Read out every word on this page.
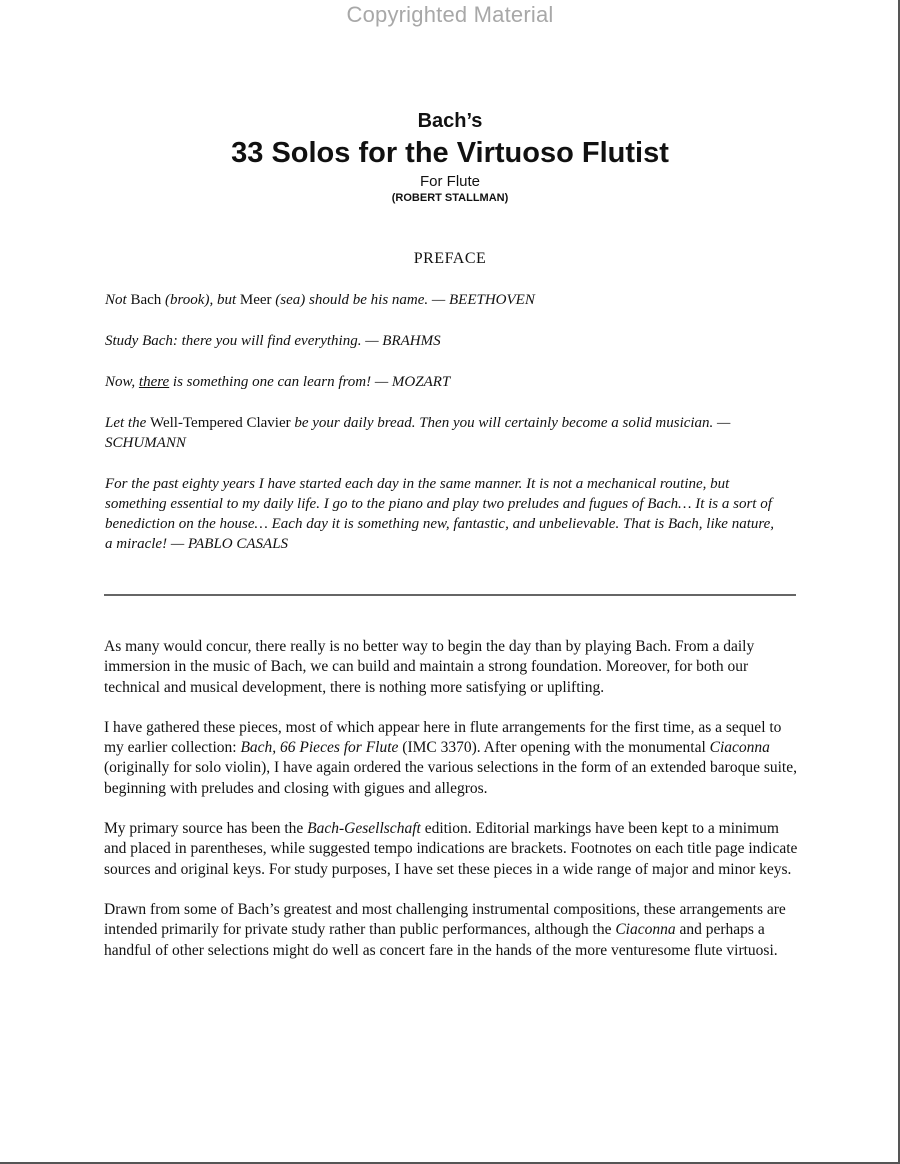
Copyrighted Material
Bach’s
33 Solos for the Virtuoso Flutist
For Flute
(ROBERT STALLMAN)
PREFACE

Not Bach (brook), but Meer (sea) should be his name. — BEETHOVEN

Study Bach: there you will find everything. — BRAHMS

Now, there is something one can learn from! — MOZART

Let the Well-Tempered Clavier be your daily bread. Then you will certainly become a solid musician. — SCHUMANN

For the past eighty years I have started each day in the same manner. It is not a mechanical routine, but something essential to my daily life. I go to the piano and play two preludes and fugues of Bach… It is a sort of benediction on the house… Each day it is something new, fantastic, and unbelievable. That is Bach, like nature, a miracle! — PABLO CASALS

As many would concur, there really is no better way to begin the day than by playing Bach. From a daily immersion in the music of Bach, we can build and maintain a strong foundation. Moreover, for both our technical and musical development, there is nothing more satisfying or uplifting.

I have gathered these pieces, most of which appear here in flute arrangements for the first time, as a sequel to my earlier collection: Bach, 66 Pieces for Flute (IMC 3370). After opening with the monumental Ciaconna (originally for solo violin), I have again ordered the various selections in the form of an extended baroque suite, beginning with preludes and closing with gigues and allegros.

My primary source has been the Bach-Gesellschaft edition. Editorial markings have been kept to a minimum and placed in parentheses, while suggested tempo indications are brackets. Footnotes on each title page indicate sources and original keys. For study purposes, I have set these pieces in a wide range of major and minor keys.

Drawn from some of Bach’s greatest and most challenging instrumental compositions, these arrangements are intended primarily for private study rather than public performances, although the Ciaconna and perhaps a handful of other selections might do well as concert fare in the hands of the more venturesome flute virtuosi.
